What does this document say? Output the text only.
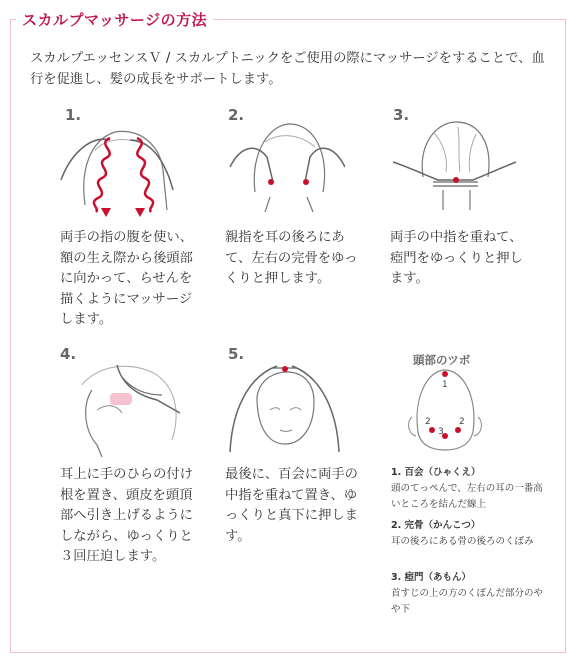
スカルプマッサージの方法
スカルプエッセンスＶ / スカルプトニックをご使用の際にマッサージをすることで、血行を促進し、髪の成長をサポートします。
1.
両手の指の腹を使い、額の生え際から後頭部に向かって、らせんを描くようにマッサージします。
2.
親指を耳の後ろにあて、左右の完骨をゆっくりと押します。
3.
両手の中指を重ねて、瘂門をゆっくりと押します。
4.
耳上に手のひらの付け根を置き、頭皮を頭頂部へ引き上げるようにしながら、ゆっくりと３回圧迫します。
5.
最後に、百会に両手の中指を重ねて置き、ゆっくりと真下に押します。
頭部のツボ
1
2
3
2
1. 百会（ひゃくえ）
頭のてっぺんで、左右の耳の一番高いところを結んだ線上
2. 完骨（かんこつ）
耳の後ろにある骨の後ろのくぼみ
3. 瘂門（あもん）
首すじの上の方のくぼんだ部分のやや下
